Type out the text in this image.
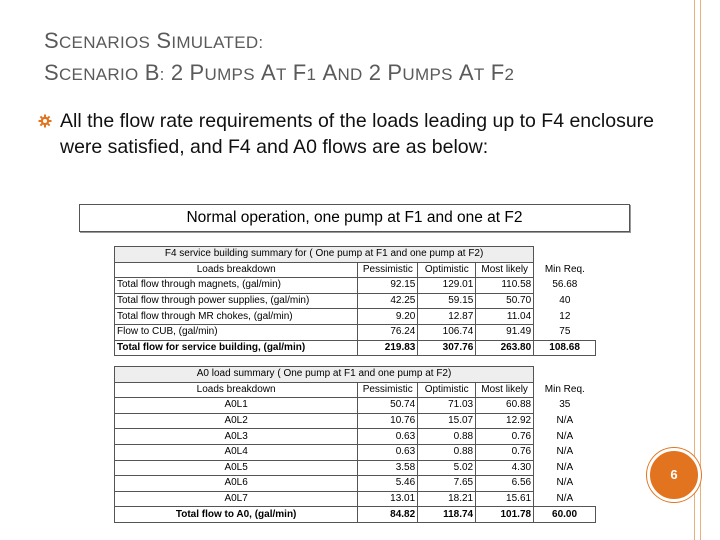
SCENARIOS SIMULATED:
SCENARIO B: 2 PUMPS AT F1 AND 2 PUMPS AT F2
All the flow rate requirements of the loads leading up to F4 enclosure were satisfied, and F4 and A0 flows are as below:
Normal operation, one pump at F1 and one at F2
F4 service building summary for ( One pump at F1 and one pump at F2)				
Loads breakdown	Pessimistic	Optimistic	Most likely	Min Req.
Total flow through magnets, (gal/min)	92.15	129.01	110.58	56.68
Total flow through power supplies, (gal/min)	42.25	59.15	50.70	40
Total flow through MR chokes, (gal/min)	9.20	12.87	11.04	12
Flow to CUB, (gal/min)	76.24	106.74	91.49	75
Total flow for service building, (gal/min)	219.83	307.76	263.80	108.68
A0 load summary ( One pump at F1 and one pump at F2)				
Loads breakdown	Pessimistic	Optimistic	Most likely	Min Req.
A0L1	50.74	71.03	60.88	35
A0L2	10.76	15.07	12.92	N/A
A0L3	0.63	0.88	0.76	N/A
A0L4	0.63	0.88	0.76	N/A
A0L5	3.58	5.02	4.30	N/A
A0L6	5.46	7.65	6.56	N/A
A0L7	13.01	18.21	15.61	N/A
Total flow to A0, (gal/min)	84.82	118.74	101.78	60.00
6
